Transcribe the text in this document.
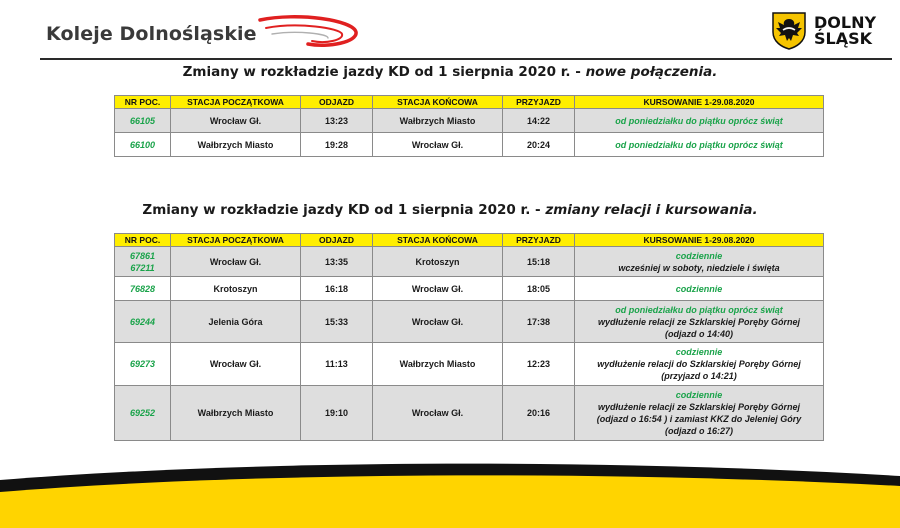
Koleje Dolnośląskie
DOLNY
ŚLĄSK
Zmiany w rozkładzie jazdy KD od 1 sierpnia 2020 r. - nowe połączenia.
NR POC.	STACJA POCZĄTKOWA	ODJAZD	STACJA KOŃCOWA	PRZYJAZD	KURSOWANIE 1-29.08.2020
66105	Wrocław Gł.	13:23	Wałbrzych Miasto	14:22	od poniedziałku do piątku oprócz świąt

66100	Wałbrzych Miasto	19:28	Wrocław Gł.	20:24	od poniedziałku do piątku oprócz świąt
Zmiany w rozkładzie jazdy KD od 1 sierpnia 2020 r. - zmiany relacji i kursowania.
NR POC.	STACJA POCZĄTKOWA	ODJAZD	STACJA KOŃCOWA	PRZYJAZD	KURSOWANIE 1-29.08.2020

67861
67211	Wrocław Gł.	13:35	Krotoszyn	15:18	codziennie
wcześniej w soboty, niedziele i święta

76828	Krotoszyn	16:18	Wrocław Gł.	18:05	codziennie

69244	Jelenia Góra	15:33	Wrocław Gł.	17:38	od poniedziałku do piątku oprócz świąt
wydłużenie relacji ze Szklarskiej Poręby Górnej
(odjazd o 14:40)

69273	Wrocław Gł.	11:13	Wałbrzych Miasto	12:23	codziennie
wydłużenie relacji do Szklarskiej Poręby Górnej
(przyjazd o 14:21)

69252	Wałbrzych Miasto	19:10	Wrocław Gł.	20:16	codziennie
wydłużenie relacji ze Szklarskiej Poręby Górnej
(odjazd o 16:54 ) i zamiast KKZ do Jeleniej Góry
(odjazd o 16:27)
